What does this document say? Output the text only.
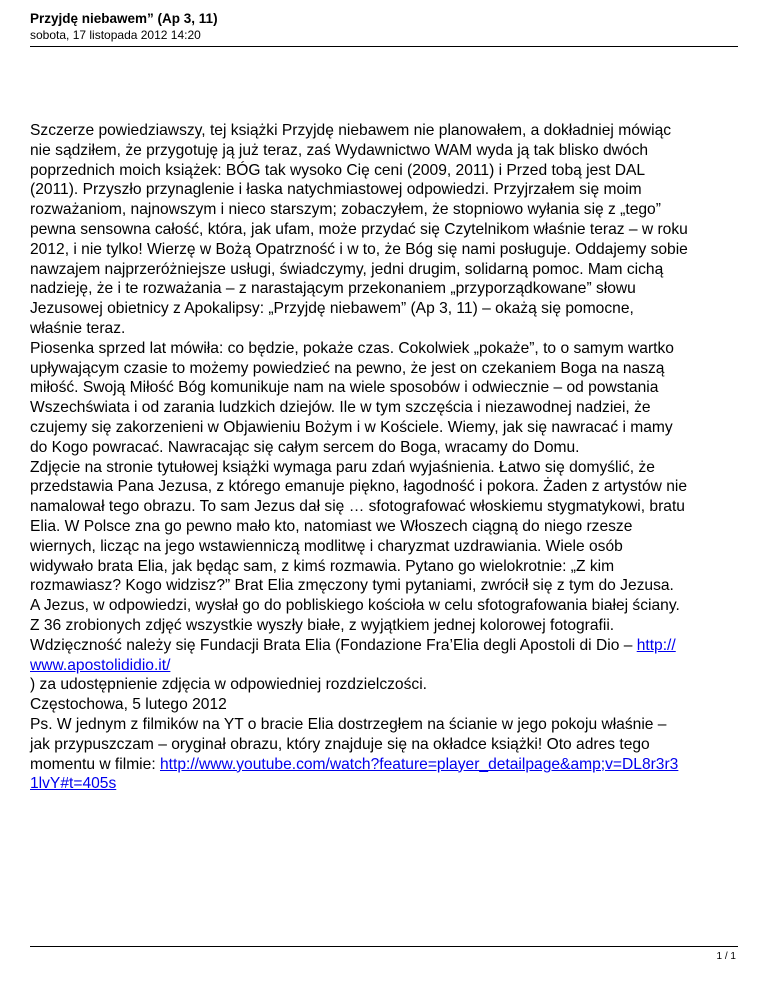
Przyjdę niebawem” (Ap 3, 11)
sobota, 17 listopada 2012 14:20
Szczerze powiedziawszy, tej książki Przyjdę niebawem nie planowałem, a dokładniej mówiąc
nie sądziłem, że przygotuję ją już teraz, zaś Wydawnictwo WAM wyda ją tak blisko dwóch
poprzednich moich książek: BÓG tak wysoko Cię ceni (2009, 2011) i Przed tobą jest DAL
(2011). Przyszło przynaglenie i łaska natychmiastowej odpowiedzi. Przyjrzałem się moim
rozważaniom, najnowszym i nieco starszym; zobaczyłem, że stopniowo wyłania się z „tego”
pewna sensowna całość, która, jak ufam, może przydać się Czytelnikom właśnie teraz – w roku
2012, i nie tylko! Wierzę w Bożą Opatrzność i w to, że Bóg się nami posługuje. Oddajemy sobie
nawzajem najprzeróżniejsze usługi, świadczymy, jedni drugim, solidarną pomoc. Mam cichą
nadzieję, że i te rozważania – z narastającym przekonaniem „przyporządkowane” słowu
Jezusowej obietnicy z Apokalipsy: „Przyjdę niebawem” (Ap 3, 11) – okażą się pomocne,
właśnie teraz.
Piosenka sprzed lat mówiła: co będzie, pokaże czas. Cokolwiek „pokaże”, to o samym wartko
upływającym czasie to możemy powiedzieć na pewno, że jest on czekaniem Boga na naszą
miłość. Swoją Miłość Bóg komunikuje nam na wiele sposobów i odwiecznie – od powstania
Wszechświata i od zarania ludzkich dziejów. Ile w tym szczęścia i niezawodnej nadziei, że
czujemy się zakorzenieni w Objawieniu Bożym i w Kościele. Wiemy, jak się nawracać i mamy
do Kogo powracać. Nawracając się całym sercem do Boga, wracamy do Domu.
Zdjęcie na stronie tytułowej książki wymaga paru zdań wyjaśnienia. Łatwo się domyślić, że
przedstawia Pana Jezusa, z którego emanuje piękno, łagodność i pokora. Żaden z artystów nie
namalował tego obrazu. To sam Jezus dał się … sfotografować włoskiemu stygmatykowi, bratu
Elia. W Polsce zna go pewno mało kto, natomiast we Włoszech ciągną do niego rzesze
wiernych, licząc na jego wstawienniczą modlitwę i charyzmat uzdrawiania. Wiele osób
widywało brata Elia, jak będąc sam, z kimś rozmawia. Pytano go wielokrotnie: „Z kim
rozmawiasz? Kogo widzisz?” Brat Elia zmęczony tymi pytaniami, zwrócił się z tym do Jezusa.
A Jezus, w odpowiedzi, wysłał go do pobliskiego kościoła w celu sfotografowania białej ściany.
Z 36 zrobionych zdjęć wszystkie wyszły białe, z wyjątkiem jednej kolorowej fotografii.
Wdzięczność należy się Fundacji Brata Elia (Fondazione Fra’Elia degli Apostoli di Dio – http://
www.apostolididio.it/
) za udostępnienie zdjęcia w odpowiedniej rozdzielczości.
Częstochowa, 5 lutego 2012
Ps. W jednym z filmików na YT o bracie Elia dostrzegłem na ścianie w jego pokoju właśnie –
jak przypuszczam – oryginał obrazu, który znajduje się na okładce książki! Oto adres tego
momentu w filmie: http://www.youtube.com/watch?feature=player_detailpage&amp;v=DL8r3r3
1lvY#t=405s
1 / 1
